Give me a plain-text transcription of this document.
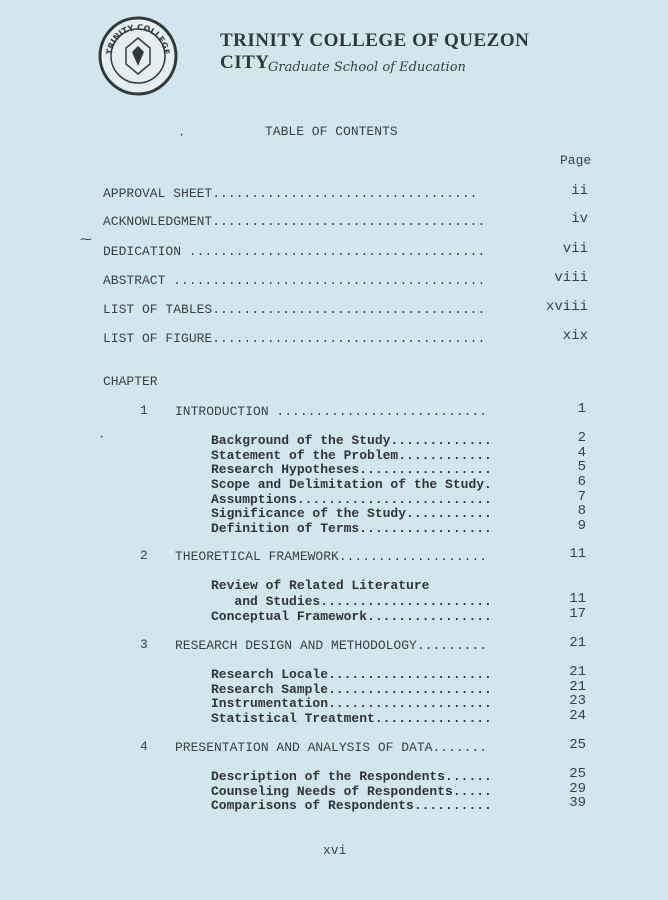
TRINITY COLLEGE
TRINITY COLLEGE OF QUEZON CITY
Graduate School of Education
TABLE OF CONTENTS
Page
APPROVAL SHEET..................................	ii
ACKNOWLEDGMENT...................................	iv
DEDICATION ......................................	vii
ABSTRACT ........................................	viii
LIST OF TABLES...................................	xviii
LIST OF FIGURE...................................	xix
CHAPTER
1 INTRODUCTION ...........................	1
Background of the Study.............	2
Statement of the Problem............	4
Research Hypotheses.................	5
Scope and Delimitation of the Study.	6
Assumptions.........................	7
Significance of the Study...........	8
Definition of Terms.................	9
2 THEORETICAL FRAMEWORK...................	11
Review of Related Literature
and Studies......................	11
Conceptual Framework................	17
3 RESEARCH DESIGN AND METHODOLOGY.........	21
Research Locale.....................	21
Research Sample.....................	21
Instrumentation.....................	23
Statistical Treatment...............	24
4 PRESENTATION AND ANALYSIS OF DATA.......	25
Description of the Respondents......	25
Counseling Needs of Respondents.....	29
Comparisons of Respondents..........	39
xvi
⁓
·
·
